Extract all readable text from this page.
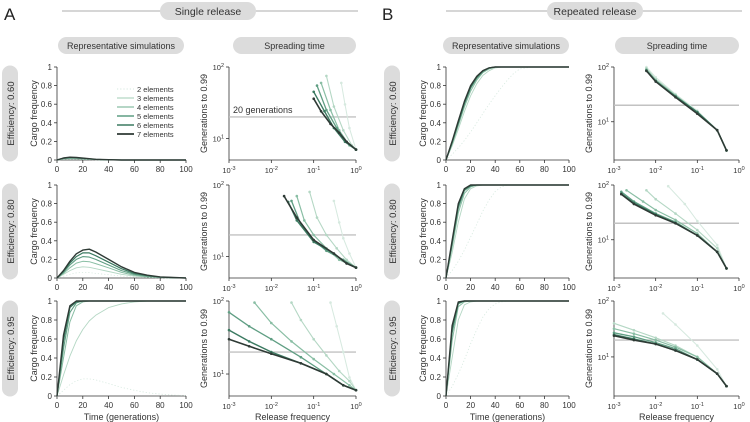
0
0.2
0.4
0.6
0.8
1
0 20 40 60 80 100
Cargo frequency
$10^{-3}$	$10^{-2}$	$10^{-1}$	$10^0$
$10^1$
$10^2$
Generations to 0.99
0
0.2
0.4
0.6
0.8
1
0 20 40 60 80 100
Cargo frequency
$10^{-3}$	$10^{-2}$	$10^{-1}$	$10^0$
$10^1$
$10^2$
Generations to 0.99
0
0.2
0.4
0.6
0.8
1
0 20 40 60 80 100
Cargo frequency
Time (generations)
$10^{-3}$	$10^{-2}$	$10^{-1}$	$10^0$
$10^1$
$10^2$
Generations to 0.99
Release frequency
0
0.2
0.4
0.6
0.8
1
0 20 40 60 80 100
Cargo frequency
$10^{-3}$	$10^{-2}$	$10^{-1}$	$10^0$
$10^1$
$10^2$
Generations to 0.99
0
0.2
0.4
0.6
0.8
1
0 20 40 60 80 100
Cargo frequency
$10^{-3}$	$10^{-2}$	$10^{-1}$	$10^0$
$10^1$
$10^2$
Generations to 0.99
0
0.2
0.4
0.6
0.8
1
0 20 40 60 80 100
Cargo frequency
Time (generations)
$10^{-3}$	$10^{-2}$	$10^{-1}$	$10^0$
$10^1$
$10^2$
Generations to 0.99
Release frequency
A	B
Single release	Repeated release
Representative simulations	Spreading time	Representative simulations	Spreading time
Efficiency: 0.60	Efficiency: 0.60
Efficiency: 0.80	Efficiency: 0.80
Efficiency: 0.95	Efficiency: 0.95
20 generations
2 elements
3 elements
4 elements
5 elements
6 elements
7 elements
